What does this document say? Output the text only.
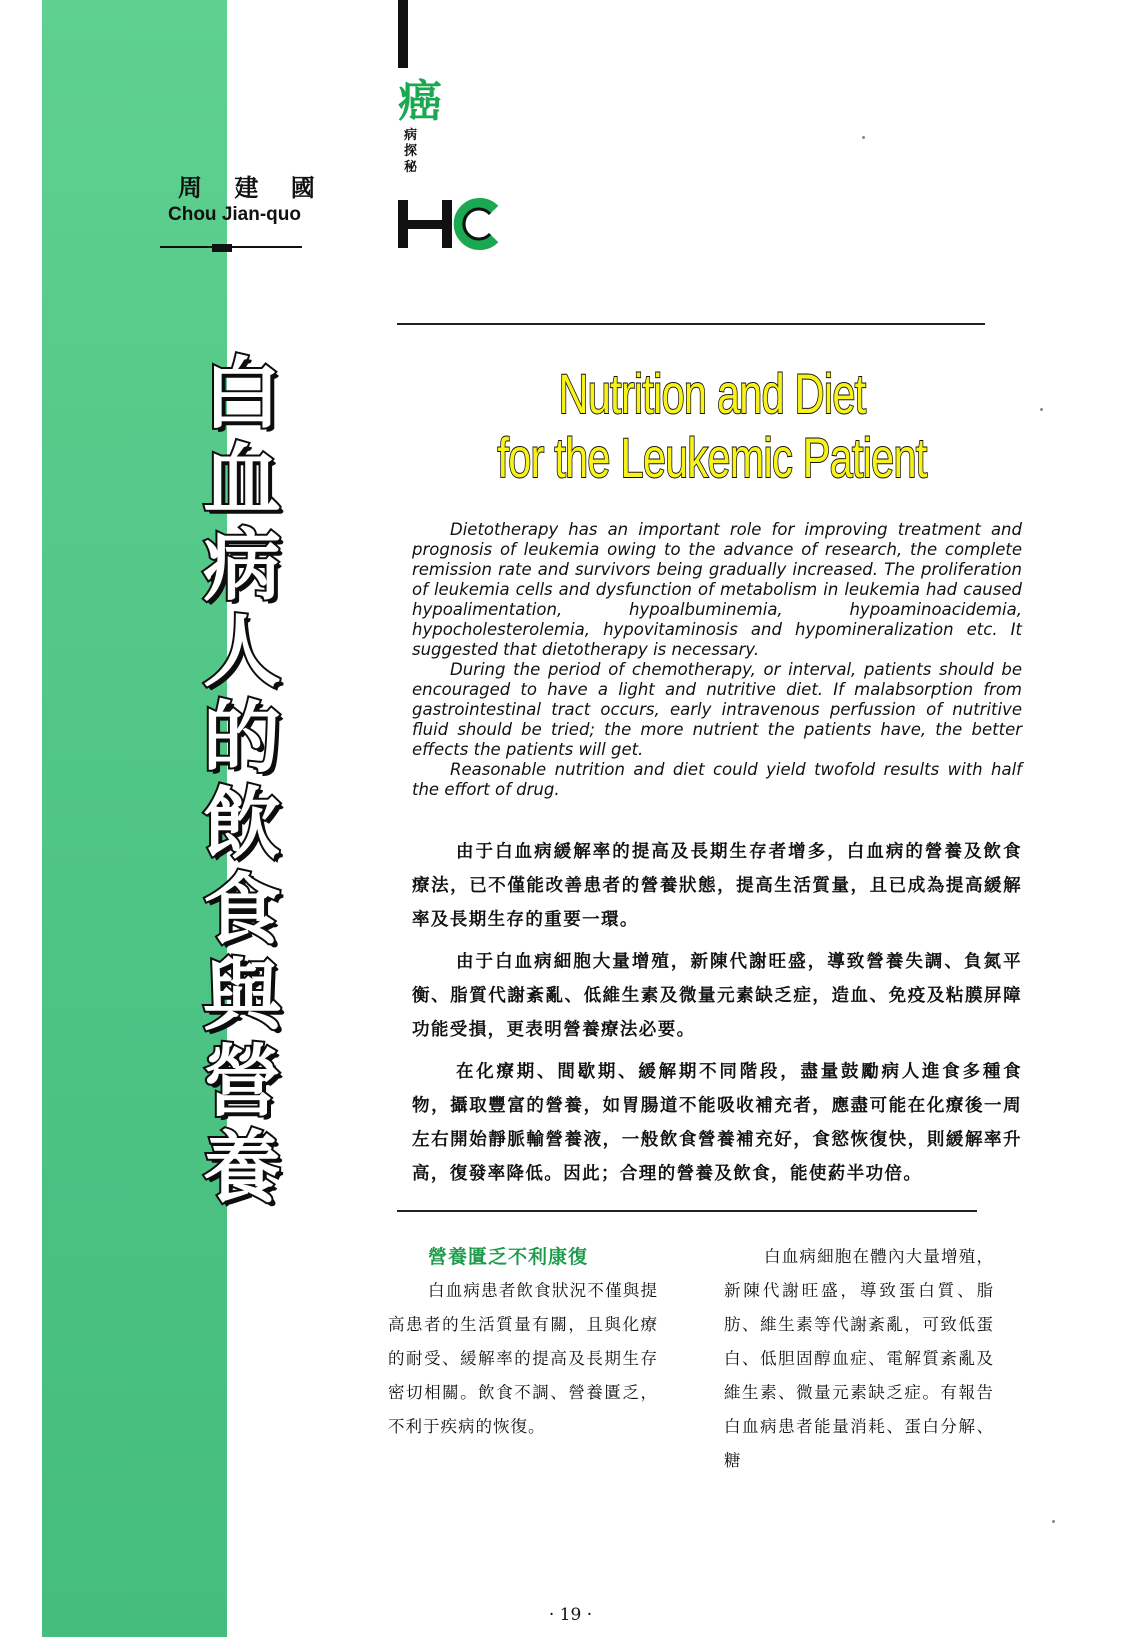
周 建 國
Chou Jian-quo
白血病人的飲食與營養
癌
病探秘
Nutrition and Diet
for the Leukemic Patient

Dietotherapy has an important role for improving treatment and prognosis of leukemia owing to the advance of research, the complete remission rate and survivors being gradually increased. The proliferation of leukemia cells and dysfunction of metabolism in leukemia had caused hypoalimentation, hypoalbuminemia, hypoaminoacidemia, hypocholesterolemia, hypovitaminosis and hypomineralization etc. It suggested that dietotherapy is necessary.

During the period of chemotherapy, or interval, patients should be encouraged to have a light and nutritive diet. If malabsorption from gastrointestinal tract occurs, early intravenous perfussion of nutritive fluid should be tried; the more nutrient the patients have, the better effects the patients will get.

Reasonable nutrition and diet could yield twofold results with half the effort of drug.

由于白血病緩解率的提高及長期生存者增多，白血病的營養及飲食療法，已不僅能改善患者的營養狀態，提高生活質量，且已成為提高緩解率及長期生存的重要一環。

由于白血病細胞大量增殖，新陳代謝旺盛，導致營養失調、負氮平衡、脂質代謝紊亂、低維生素及微量元素缺乏症，造血、免疫及粘膜屏障功能受損，更表明營養療法必要。

在化療期、間歇期、緩解期不同階段，盡量鼓勵病人進食多種食物，攝取豐富的營養，如胃腸道不能吸收補充者，應盡可能在化療後一周左右開始靜脈輸營養液，一般飲食營養補充好，食慾恢復快，則緩解率升高，復發率降低。因此；合理的營養及飲食，能使葯半功倍。

營養匱乏不利康復

白血病患者飲食狀況不僅與提高患者的生活質量有關，且與化療的耐受、緩解率的提高及長期生存密切相關。飲食不調、營養匱乏，不利于疾病的恢復。

白血病細胞在體內大量增殖，新陳代謝旺盛，導致蛋白質、脂肪、維生素等代謝紊亂，可致低蛋白、低胆固醇血症、電解質紊亂及維生素、微量元素缺乏症。有報告白血病患者能量消耗、蛋白分解、糖

· 19 ·
